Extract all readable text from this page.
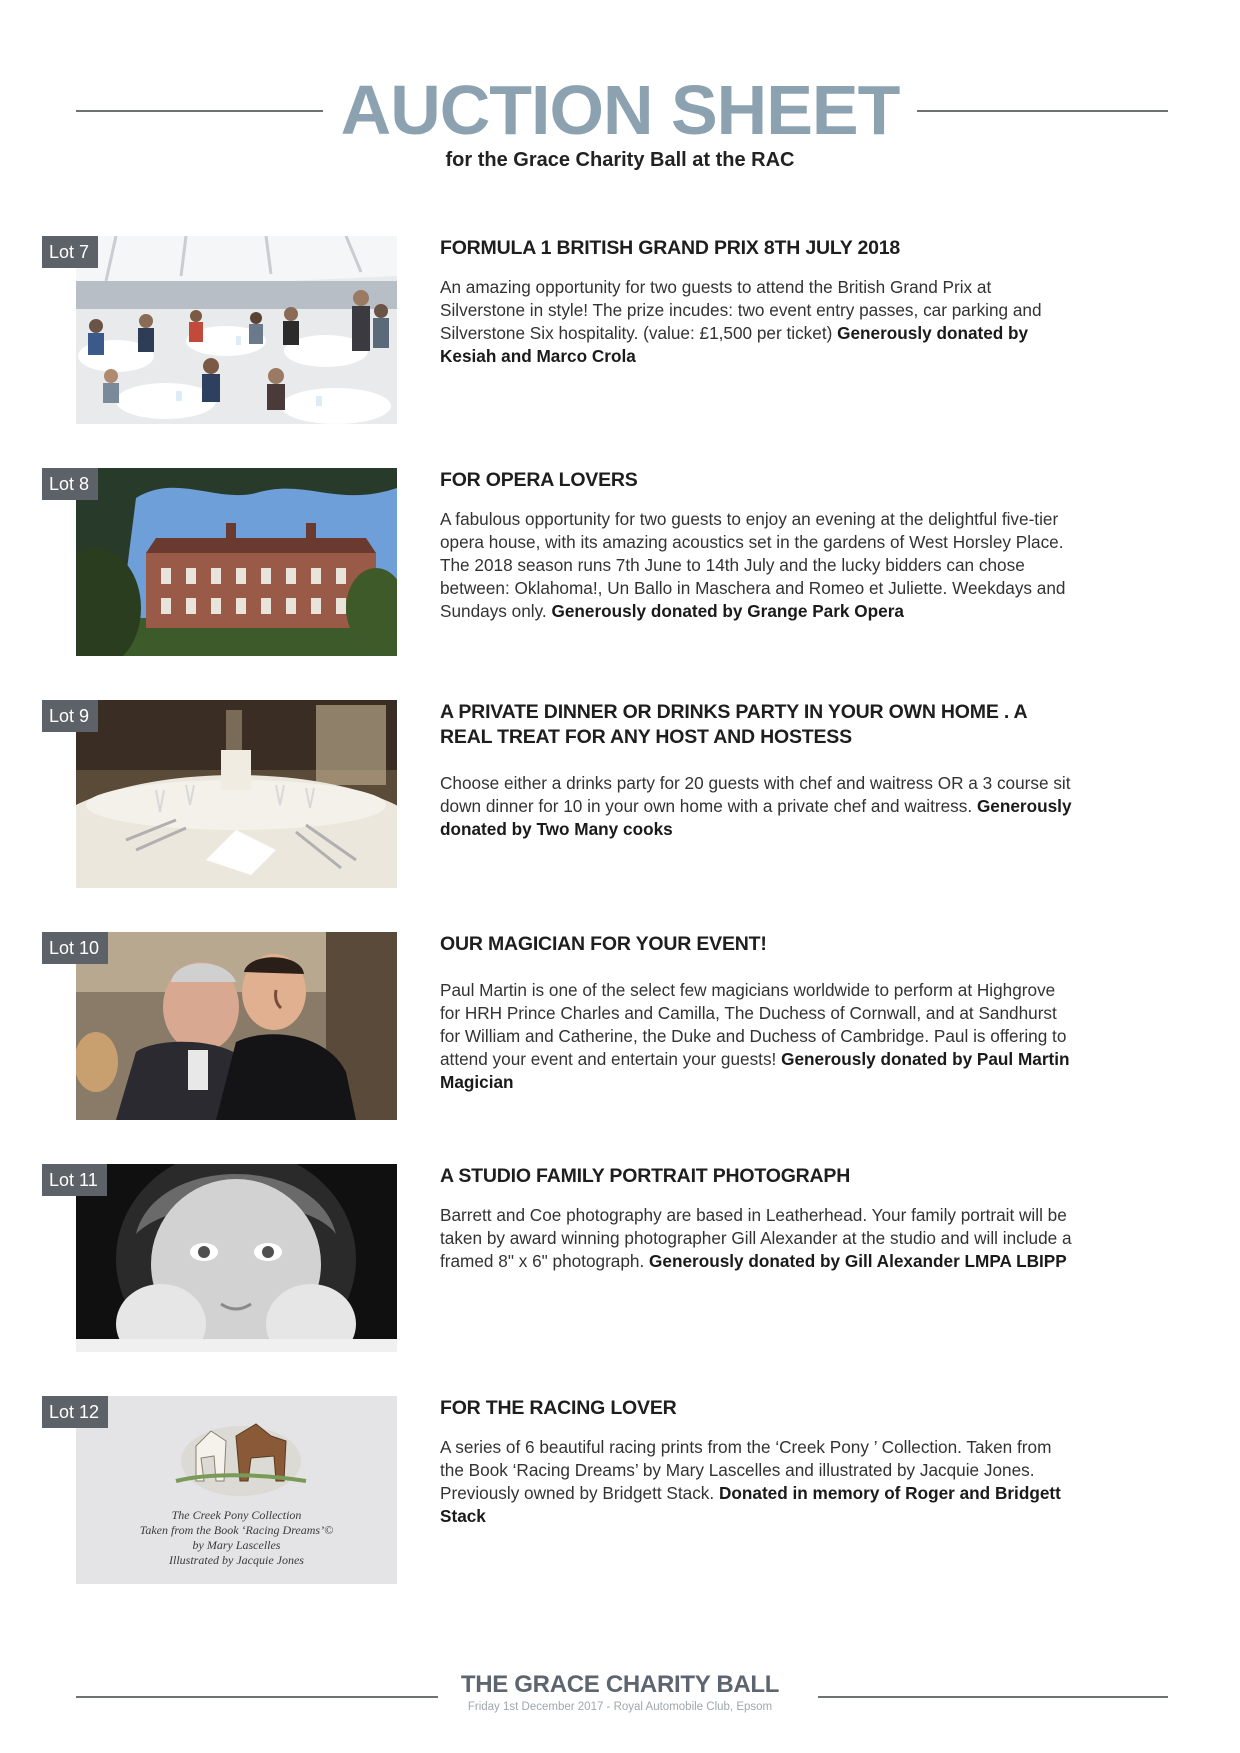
AUCTION SHEET
for the Grace Charity Ball at the RAC
Lot 7	FORMULA 1 BRITISH GRAND PRIX 8TH JULY 2018

An amazing opportunity for two guests to attend the British Grand Prix at Silverstone in style! The prize incudes: two event entry passes, car parking and Silverstone Six hospitality. (value: £1,500 per ticket) Generously donated by Kesiah and Marco Crola

Lot 8	FOR OPERA LOVERS

A fabulous opportunity for two guests to enjoy an evening at the delightful five-tier opera house, with its amazing acoustics set in the gardens of West Horsley Place. The 2018 season runs 7th June to 14th July and the lucky bidders can chose between: Oklahoma!, Un Ballo in Maschera and Romeo et Juliette. Weekdays and Sundays only. Generously donated by Grange Park Opera

Lot 9	A PRIVATE DINNER OR DRINKS PARTY IN YOUR OWN HOME . A REAL TREAT FOR ANY HOST AND HOSTESS

Choose either a drinks party for 20 guests with chef and waitress OR a 3 course sit down dinner for 10 in your own home with a private chef and waitress. Generously donated by Two Many cooks

Lot 10	OUR MAGICIAN FOR YOUR EVENT!

Paul Martin is one of the select few magicians worldwide to perform at Highgrove for HRH Prince Charles and Camilla, The Duchess of Cornwall, and at Sandhurst for William and Catherine, the Duke and Duchess of Cambridge. Paul is offering to attend your event and entertain your guests! Generously donated by Paul Martin Magician

Lot 11	A STUDIO FAMILY PORTRAIT PHOTOGRAPH

Barrett and Coe photography are based in Leatherhead. Your family portrait will be taken by award winning photographer Gill Alexander at the studio and will include a framed 8" x 6" photograph. Generously donated by Gill Alexander LMPA LBIPP

The Creek Pony Collection
Taken from the Book ‘Racing Dreams’©
by Mary Lascelles
Illustrated by Jacquie Jones
Lot 12	FOR THE RACING LOVER

A series of 6 beautiful racing prints from the ‘Creek Pony ’ Collection. Taken from the Book ‘Racing Dreams’ by Mary Lascelles and illustrated by Jacquie Jones. Previously owned by Bridgett Stack. Donated in memory of Roger and Bridgett Stack

THE GRACE CHARITY BALL
Friday 1st December 2017 - Royal Automobile Club, Epsom
